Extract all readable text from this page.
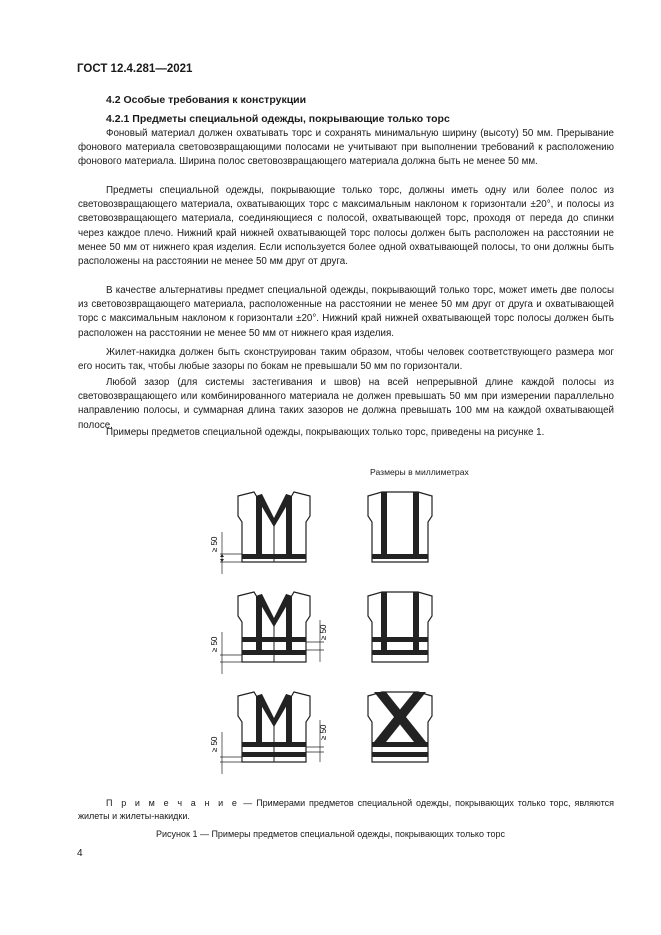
ГОСТ 12.4.281—2021
4.2 Особые требования к конструкции
4.2.1 Предметы специальной одежды, покрывающие только торс

Фоновый материал должен охватывать торс и сохранять минимальную ширину (высоту) 50 мм. Прерывание фонового материала световозвращающими полосами не учитывают при выполнении требований к расположению фонового материала. Ширина полос световозвращающего материала должна быть не менее 50 мм.

Предметы специальной одежды, покрывающие только торс, должны иметь одну или более полос из световозвращающего материала, охватывающих торс с максимальным наклоном к горизонтали ±20°, и полосы из световозвращающего материала, соединяющиеся с полосой, охватывающей торс, проходя от переда до спинки через каждое плечо. Нижний край нижней охватывающей торс полосы должен быть расположен на расстоянии не менее 50 мм от нижнего края изделия. Если используется более одной охватывающей полосы, то они должны быть расположены на расстоянии не менее 50 мм друг от друга.

В качестве альтернативы предмет специальной одежды, покрывающий только торс, может иметь две полосы из световозвращающего материала, расположенные на расстоянии не менее 50 мм друг от друга и охватывающей торс с максимальным наклоном к горизонтали ±20°. Нижний край нижней охватывающей торс полосы должен быть расположен на расстоянии не менее 50 мм от нижнего края изделия.

Жилет-накидка должен быть сконструирован таким образом, чтобы человек соответствующего размера мог его носить так, чтобы любые зазоры по бокам не превышали 50 мм по горизонтали.

Любой зазор (для системы застегивания и швов) на всей непрерывной длине каждой полосы из световозвращающего или комбинированного материала не должен превышать 50 мм при измерении параллельно направлению полосы, и суммарная длина таких зазоров не должна превышать 100 мм на каждой охватывающей полосе.

Примеры предметов специальной одежды, покрывающих только торс, приведены на рисунке 1.

Размеры в миллиметрах
≥ 50
≥ 50
≥ 50
≥ 50
≥ 50

П р и м е ч а н и е — Примерами предметов специальной одежды, покрывающих только торс, являются жилеты и жилеты-накидки.

Рисунок 1 — Примеры предметов специальной одежды, покрывающих только торс
4
